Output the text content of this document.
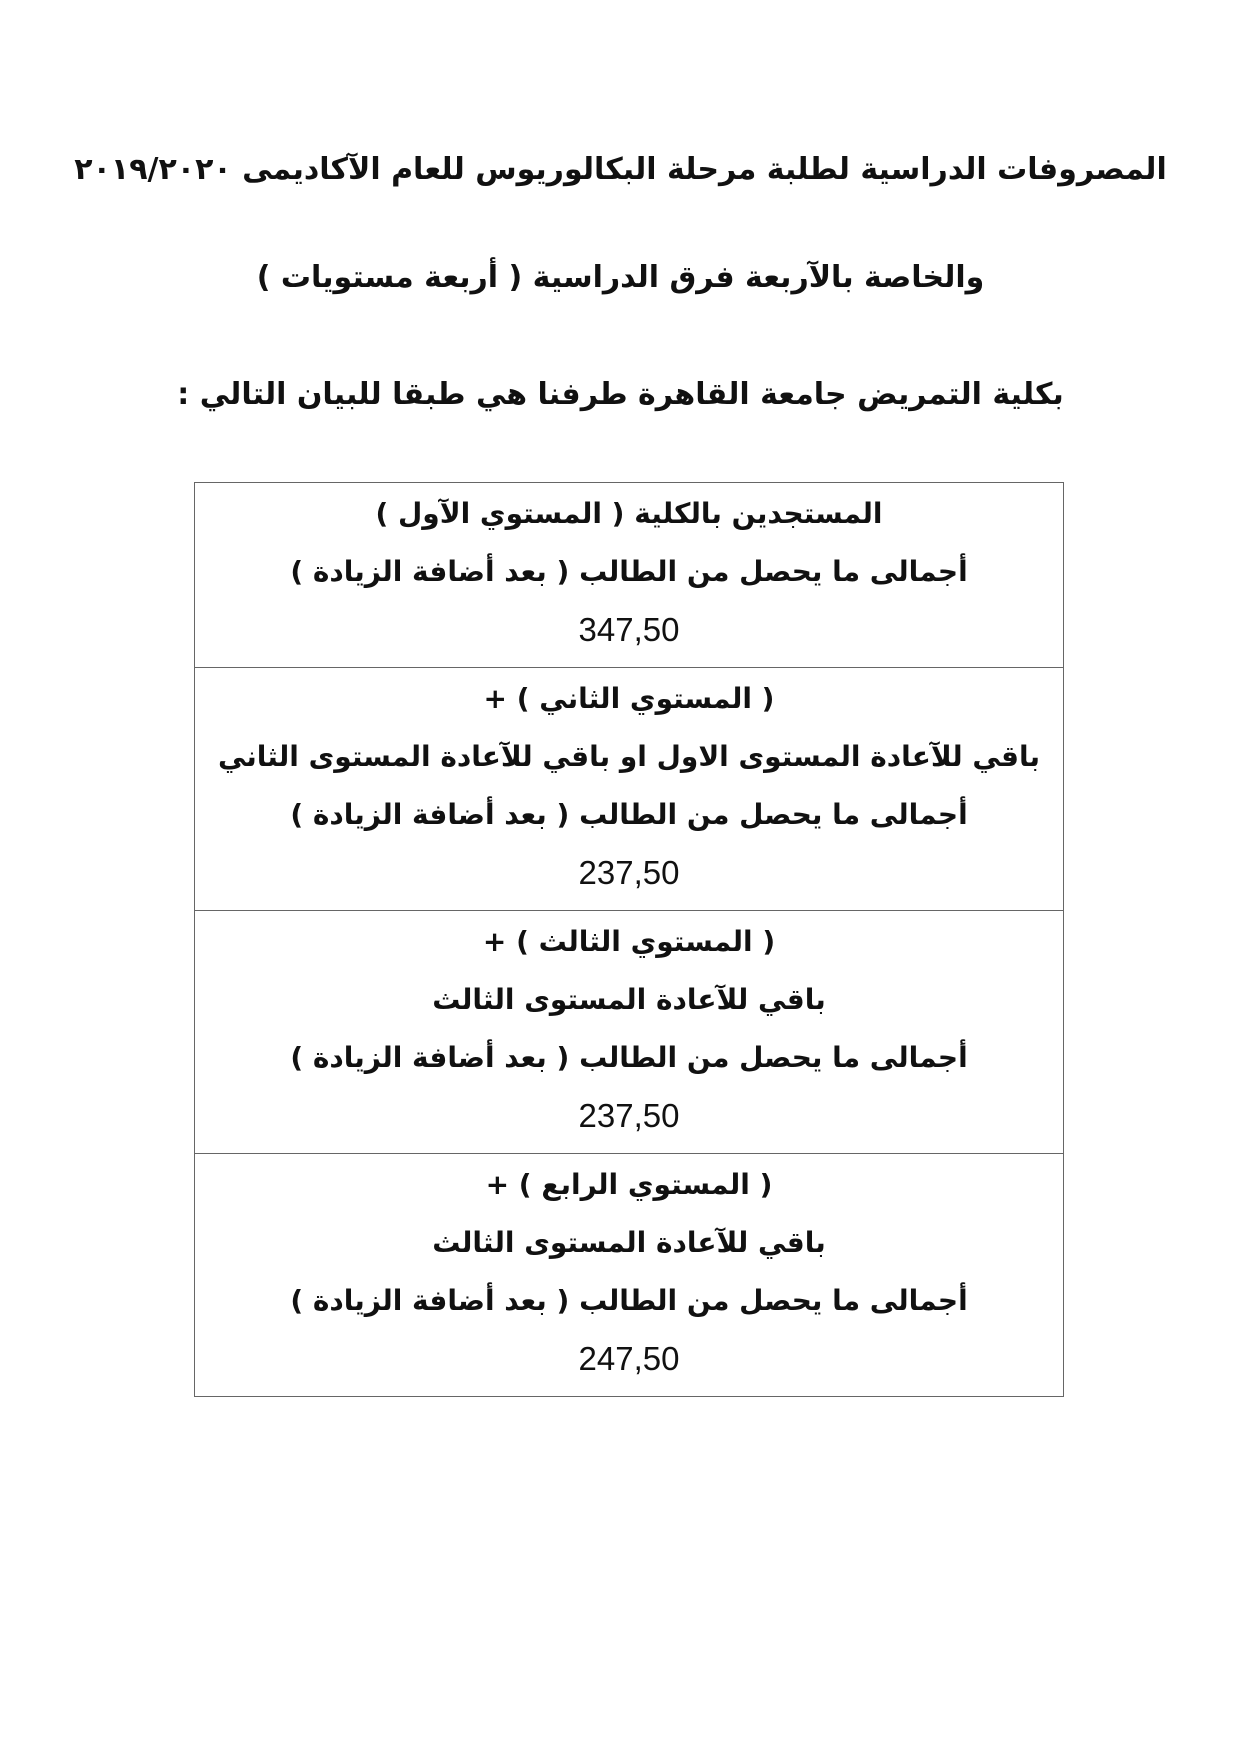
المصروفات الدراسية لطلبة مرحلة البكالوريوس للعام الآكاديمى ٢٠١٩/٢٠٢٠
والخاصة بالآربعة فرق الدراسية ( أربعة مستويات )
بكلية التمريض جامعة القاهرة طرفنا هي طبقا للبيان التالي :
المستجدين بالكلية ( المستوي الآول )
أجمالى ما يحصل من الطالب ( بعد أضافة الزيادة )
347,50

( المستوي الثاني ) +
باقي للآعادة المستوى الاول او باقي للآعادة المستوى الثاني
أجمالى ما يحصل من الطالب ( بعد أضافة الزيادة )
237,50

( المستوي الثالث ) +
باقي للآعادة المستوى الثالث
أجمالى ما يحصل من الطالب ( بعد أضافة الزيادة )
237,50

( المستوي الرابع ) +
باقي للآعادة المستوى الثالث
أجمالى ما يحصل من الطالب ( بعد أضافة الزيادة )
247,50
